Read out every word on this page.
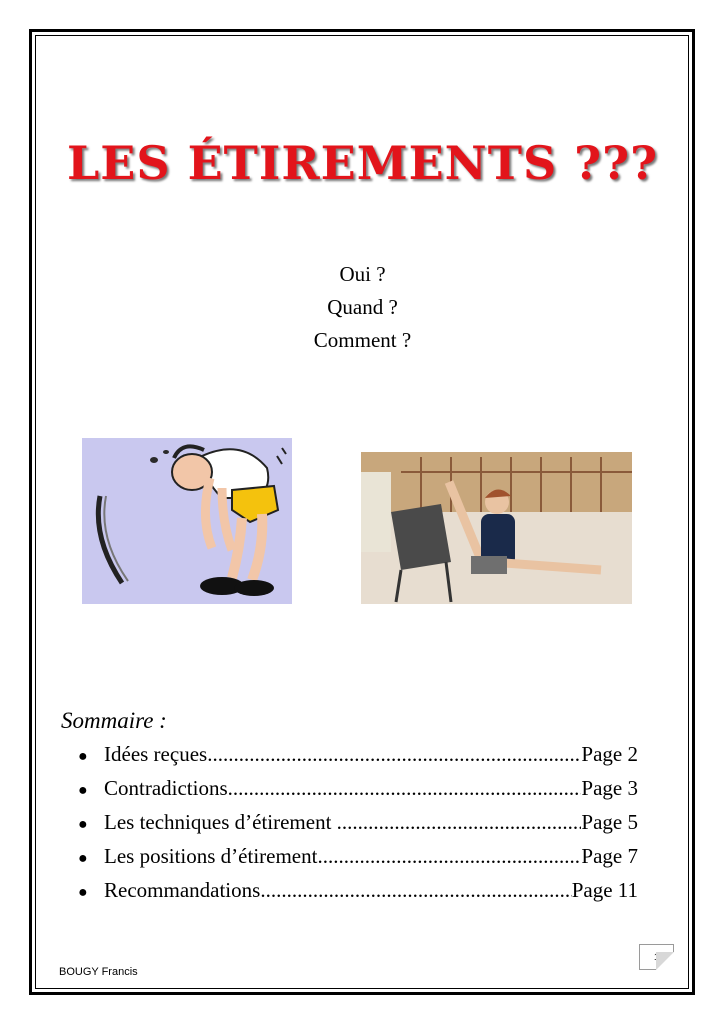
LES ÉTIREMENTS ???
Oui ?
Quand ?
Comment ?
Sommaire :
● Idées reçues .....	Page 2
● Contradictions .....	Page 3
● Les techniques d’étirement .....	Page 5
● Les positions d’étirement .....	Page 7
● Recommandations .....	Page 11
1
BOUGY Francis
